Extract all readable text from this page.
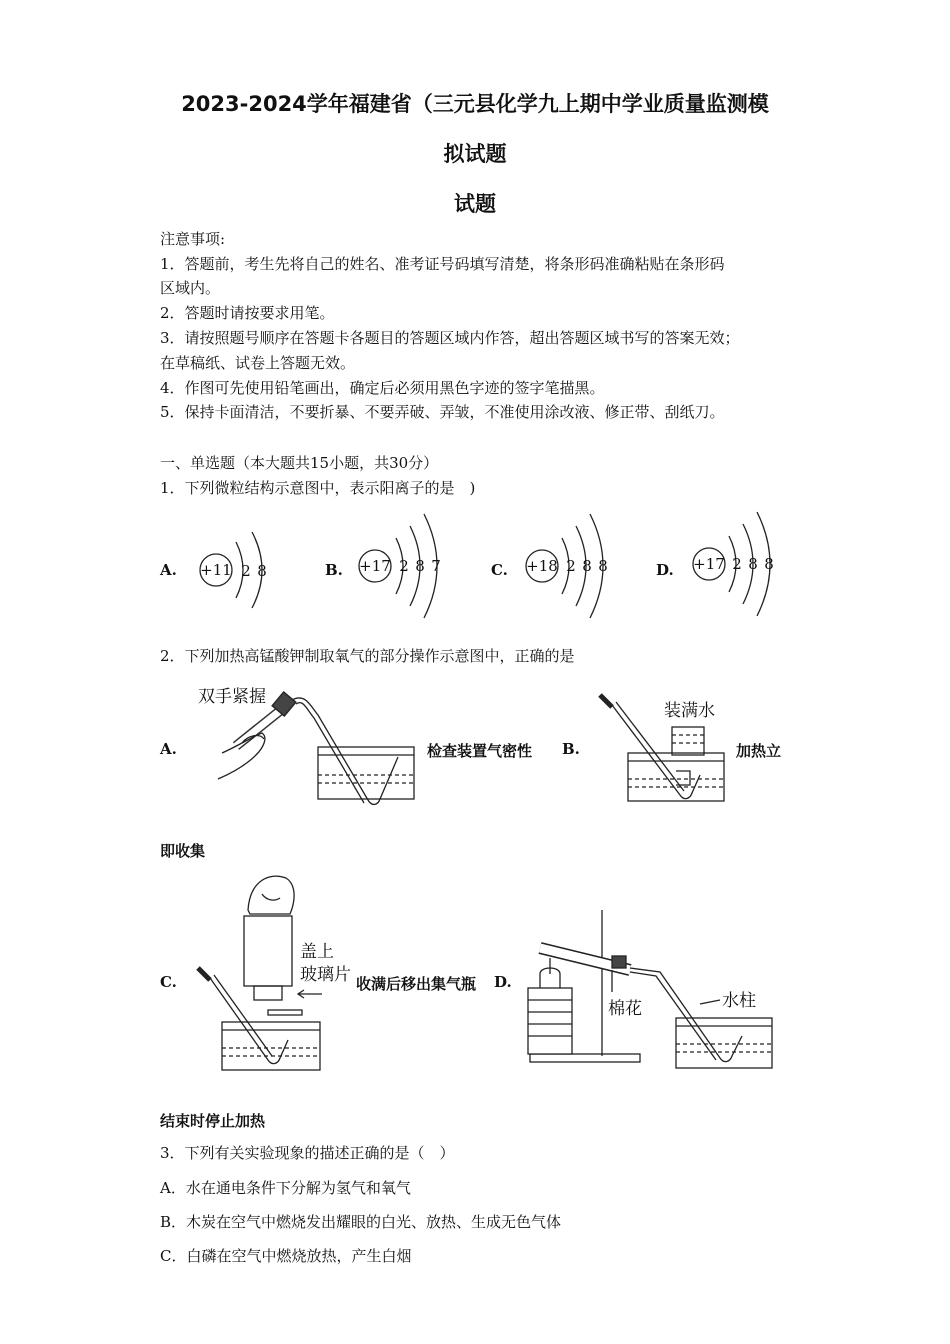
2023-2024学年福建省（三元县化学九上期中学业质量监测模
拟试题
试题
注意事项:
1．答题前，考生先将自己的姓名、准考证号码填写清楚，将条形码准确粘贴在条形码
区域内。
2．答题时请按要求用笔。
3．请按照题号顺序在答题卡各题目的答题区域内作答，超出答题区域书写的答案无效；
在草稿纸、试卷上答题无效。
4．作图可先使用铅笔画出，确定后必须用黑色字迹的签字笔描黑。
5．保持卡面清洁，不要折暴、不要弄破、弄皱，不准使用涂改液、修正带、刮纸刀。
一、单选题（本大题共15小题，共30分）
1．下列微粒结构示意图中，表示阳离子的是　)
A.	B.	C.	D.
+11 2 8	+17 2 8 7	+18 2 8 8	+17 2 8 8
2．下列加热高锰酸钾制取氧气的部分操作示意图中，正确的是
A.	检查装置气密性 B.	加热立
双手紧握
装满水
即收集
C.	收满后移出集气瓶 D.
盖上
玻璃片
棉花	水柱
结束时停止加热
3．下列有关实验现象的描述正确的是（　）
A．水在通电条件下分解为氢气和氧气
B．木炭在空气中燃烧发出耀眼的白光、放热、生成无色气体
C．白磷在空气中燃烧放热，产生白烟
